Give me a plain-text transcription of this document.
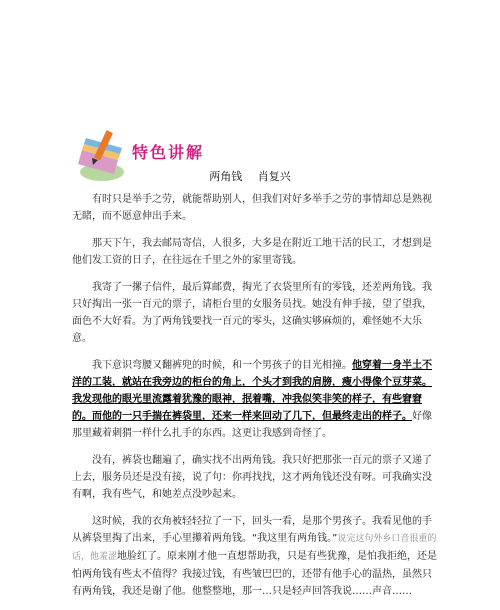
特色讲解
两角钱 肖复兴

有时只是举手之劳，就能帮助别人，但我们对好多举手之劳的事情却总是熟视无睹，而不愿意伸出手来。

那天下午，我去邮局寄信，人很多，大多是在附近工地干活的民工，才想到是他们发工资的日子，在往远在千里之外的家里寄钱。

我寄了一摞子信件，最后算邮费，掏光了衣袋里所有的零钱，还差两角钱。我只好掏出一张一百元的票子，请柜台里的女服务员找。她没有伸手接，望了望我，面色不大好看。为了两角钱要找一百元的零头，这确实够麻烦的，难怪她不大乐意。

我下意识弯腰又翻裤兜的时候，和一个男孩子的目光相撞。他穿着一身半土不洋的工装，就站在我旁边的柜台的角上，个头才到我的肩膀，瘦小得像个豆芽菜。我发现他的眼光里流露着犹豫的眼神，抿着嘴，冲我似笑非笑的样子，有些窘窘的。而他的一只手揣在裤袋里，还来一样来回动了几下，但最终走出的样子。好像那里藏着刺猬一样什么扎手的东西。这更让我感到奇怪了。

没有，裤袋也翻遍了，确实找不出两角钱。我只好把那张一百元的票子又递了上去，服务员还是没有接，说了句：你再找找，这才两角钱还没有呀。可我确实没有啊，我有些气，和她差点没吵起来。

这时候，我的衣角被轻轻拉了一下，回头一看，是那个男孩子。我看见他的手从裤袋里掏了出来，手心里攥着两角钱。“我这里有两角钱。”说完这句外乡口音很重的话，他羞涩地脸红了。原来刚才他一直想帮助我，只是有些犹豫，是怕我拒绝，还是怕两角钱有些太不值得？我接过钱，有些皱巴巴的，还带有他手心的温热，虽然只有两角钱，我还是谢了他。他整整地，那一…只是轻声回答我说……声音……
